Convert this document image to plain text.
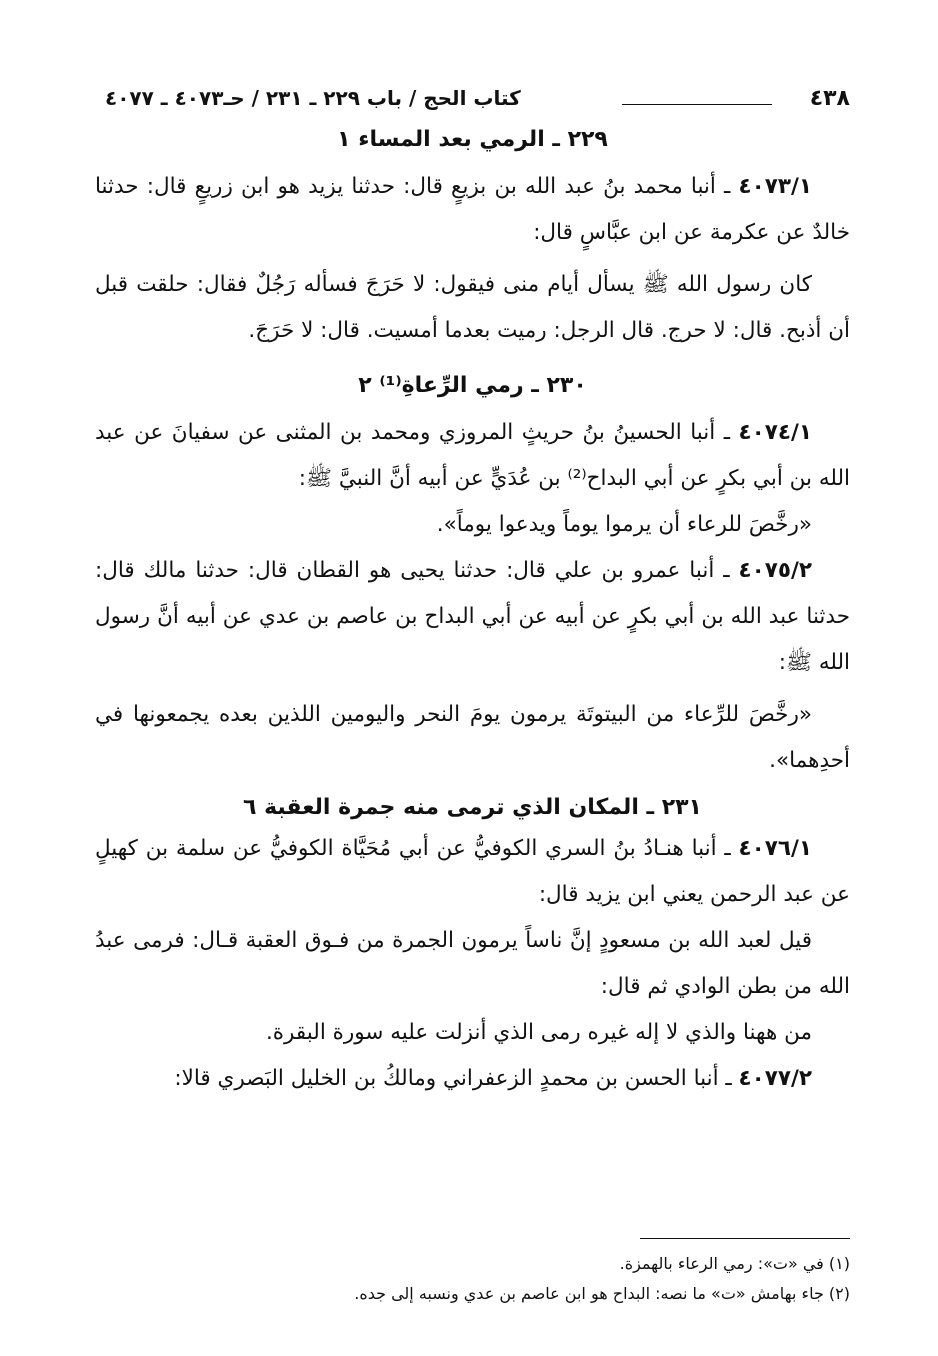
٤٣٨
كتاب الحج / باب ٢٢٩ ـ ٢٣١ / حـ٤٠٧٣ ـ ٤٠٧٧
٢٢٩ ـ الرمي بعد المساء ١

٤٠٧٣/١ ـ أنبا محمد بنُ عبد الله بن بزيعٍ قال: حدثنا يزيد هو ابن زريعٍ قال: حدثنا خالدٌ عن عكرمة عن ابن عبَّاسٍ قال:

كان رسول الله ﷺ يسأل أيام منى فيقول: لا حَرَجَ فسأله رَجُلٌ فقال: حلقت قبل أن أذبح. قال: لا حرج. قال الرجل: رميت بعدما أمسيت. قال: لا حَرَجَ.

٢٣٠ ـ رمي الرِّعاةِ⁽¹⁾ ٢

٤٠٧٤/١ ـ أنبا الحسينُ بنُ حريثٍ المروزي ومحمد بن المثنى عن سفيانَ عن عبد الله بن أبي بكرٍ عن أبي البداح⁽²⁾ بن عُدَيٍّ عن أبيه أنَّ النبيَّ ﷺ:

«رخَّصَ للرعاء أن يرموا يوماً ويدعوا يوماً».

٤٠٧٥/٢ ـ أنبا عمرو بن علي قال: حدثنا يحيى هو القطان قال: حدثنا مالك قال: حدثنا عبد الله بن أبي بكرٍ عن أبيه عن أبي البداح بن عاصم بن عدي عن أبيه أنَّ رسول الله ﷺ:

«رخَّصَ للرِّعاء من البيتوتَة يرمون يومَ النحر واليومين اللذين بعده يجمعونها في أحدِهما».

٢٣١ ـ المكان الذي ترمى منه جمرة العقبة ٦

٤٠٧٦/١ ـ أنبا هنـادُ بنُ السري الكوفيُّ عن أبي مُحَيَّاة الكوفيُّ عن سلمة بن كهيلٍ عن عبد الرحمن يعني ابن يزيد قال:

قيل لعبد الله بن مسعودٍ إنَّ ناساً يرمون الجمرة من فـوق العقبة قـال: فرمى عبدُ الله من بطن الوادي ثم قال:

من ههنا والذي لا إله غيره رمى الذي أنزلت عليه سورة البقرة.

٤٠٧٧/٢ ـ أنبا الحسن بن محمدٍ الزعفراني ومالكُ بن الخليل البَصري قالا:

(١) في «ت»: رمي الرعاء بالهمزة.

(٢) جاء بهامش «ت» ما نصه: البداح هو ابن عاصم بن عدي ونسبه إلى جده.
